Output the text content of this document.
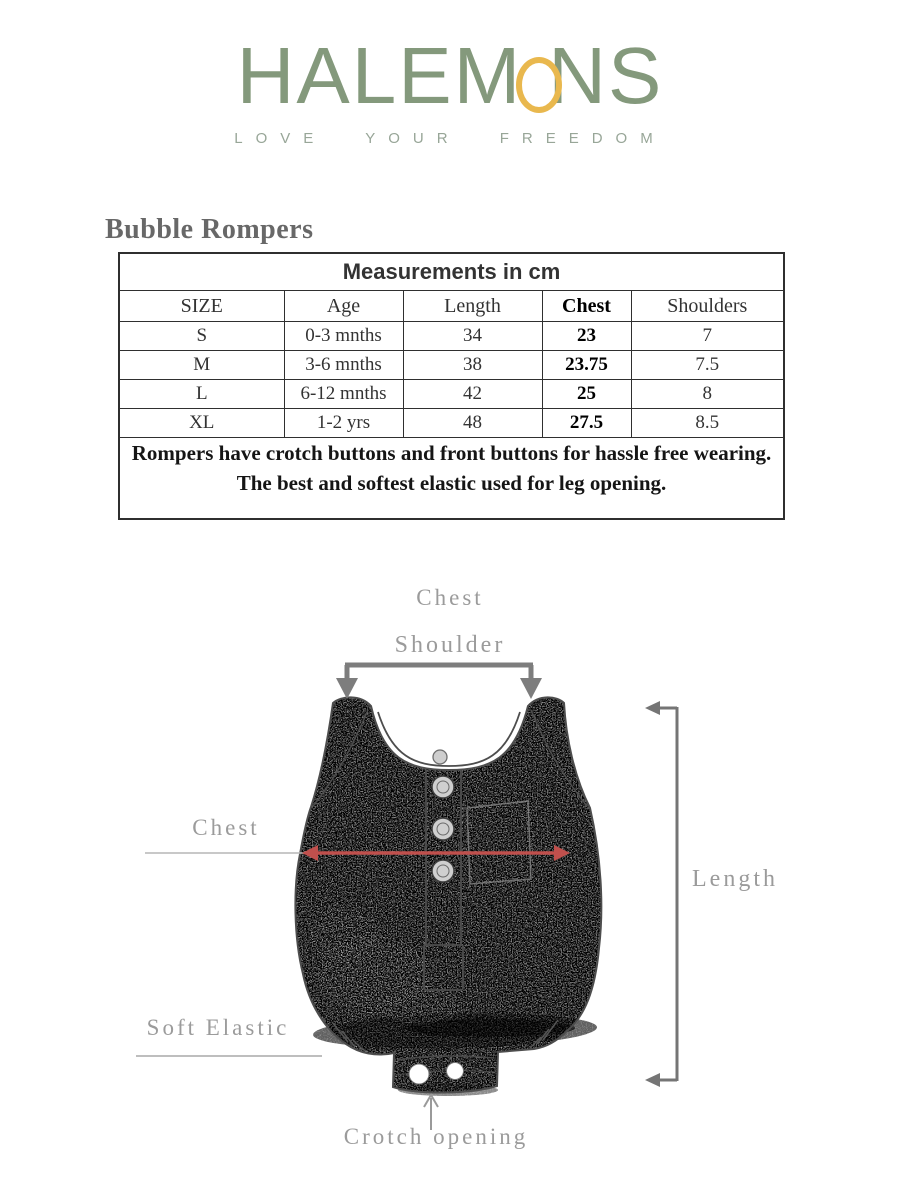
HALEM NS
LOVE YOUR FREEDOM
Bubble Rompers
Measurements in cm				
SIZE	Age	Length	Chest	Shoulders
S	0-3 mnths	34	23	7
M	3-6 mnths	38	23.75	7.5
L	6-12 mnths	42	25	8
XL	1-2 yrs	48	27.5	8.5

Rompers have crotch buttons and front buttons for hassle free wearing.
The best and softest elastic used for leg opening.				
Chest
Shoulder
Chest
Length
Soft Elastic
Crotch opening
